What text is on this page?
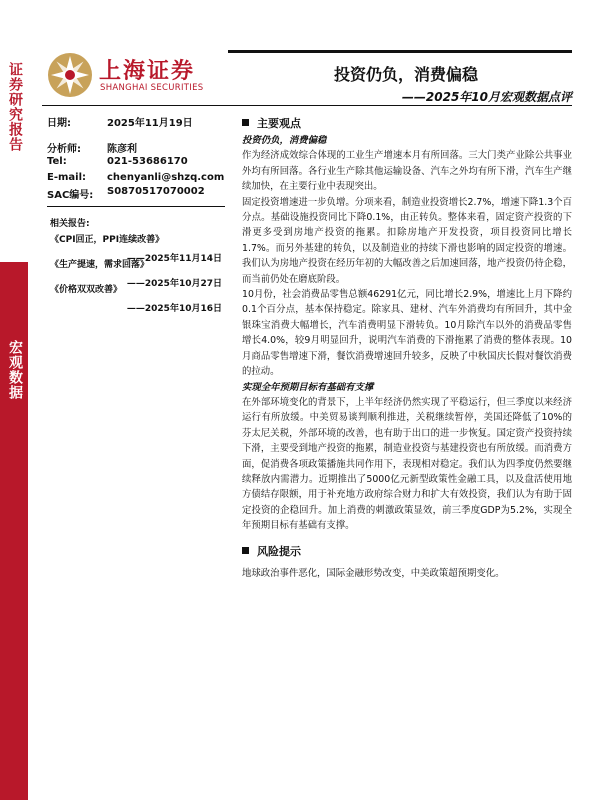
证券研究报告
宏观数据
上海证券
SHANGHAI SECURITIES
投资仍负，消费偏稳
——2025年10月宏观数据点评
日期:	2025年11月19日
分析师:	陈彦利
Tel:	021-53686170
E-mail: chenyanli@shzq.com
SAC编号: S0870517070002
相关报告:
《CPI回正，PPI连续改善》
——2025年11月14日
《生产提速，需求回落》
——2025年10月27日
《价格双双改善》
——2025年10月16日
主要观点

投资仍负，消费偏稳

作为经济成效综合体现的工业生产增速本月有所回落。三大门类产业除公共事业外均有所回落。各行业生产除其他运输设备、汽车之外均有所下滑，汽车生产继续加快，在主要行业中表现突出。

固定投资增速进一步负增。分项来看，制造业投资增长2.7%，增速下降1.3个百分点。基础设施投资同比下降0.1%，由正转负。整体来看，固定资产投资的下滑更多受到房地产投资的拖累。扣除房地产开发投资，项目投资同比增长1.7%。而另外基建的转负，以及制造业的持续下滑也影响的固定投资的增速。我们认为房地产投资在经历年初的大幅改善之后加速回落，地产投资仍待企稳，而当前仍处在磨底阶段。

10月份，社会消费品零售总额46291亿元，同比增长2.9%，增速比上月下降约0.1个百分点，基本保持稳定。除家具、建材、汽车外消费均有所回升，其中金银珠宝消费大幅增长，汽车消费明显下滑转负。10月除汽车以外的消费品零售增长4.0%，较9月明显回升，说明汽车消费的下滑拖累了消费的整体表现。10月商品零售增速下滑，餐饮消费增速回升较多，反映了中秋国庆长假对餐饮消费的拉动。

实现全年预期目标有基础有支撑

在外部环境变化的背景下，上半年经济仍然实现了平稳运行，但三季度以来经济运行有所放缓。中美贸易谈判顺利推进，关税继续暂停，美国还降低了10%的芬太尼关税，外部环境的改善，也有助于出口的进一步恢复。国定资产投资持续下滑，主要受到地产投资的拖累，制造业投资与基建投资也有所放缓。而消费方面，促消费各项政策播施共同作用下，表现相对稳定。我们认为四季度仍然要继续释放内需潜力。近期推出了5000亿元新型政策性金融工具，以及盘活使用地方债结存限额，用于补充地方政府综合财力和扩大有效投资，我们认为有助于固定投资的企稳回升。加上消费的刺激政策显效，前三季度GDP为5.2%，实现全年预期目标有基础有支撑。

风险提示
地球政治事件恶化，国际金融形势改变，中美政策超预期变化。
